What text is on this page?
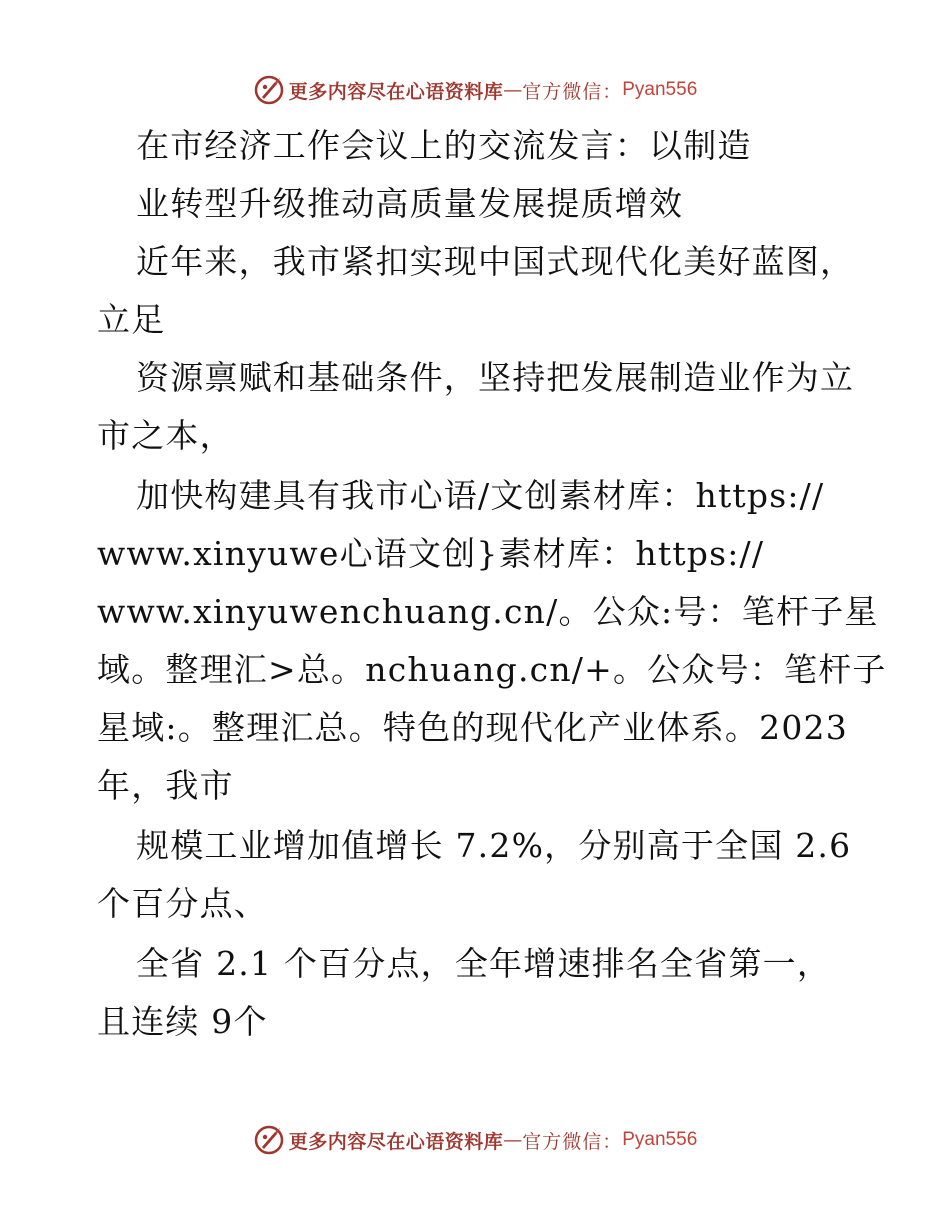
更多内容尽在心语资料库 — 官方微信： Pyan556
在市经济工作会议上的交流发言：以制造
业转型升级推动高质量发展提质增效
近年来，我市紧扣实现中国式现代化美好蓝图，
立足
资源禀赋和基础条件，坚持把发展制造业作为立
市之本，
加快构建具有我市心语/文创素材库：https://
www.xinyuwe心语文创}素材库：https://
www.xinyuwenchuang.cn/。公众:号：笔杆子星
域。整理汇>总。nchuang.cn/+。公众号：笔杆子
星域:。整理汇总。特色的现代化产业体系。2023
年，我市
规模工业增加值增长 7.2%，分别高于全国 2.6
个百分点、
全省 2.1 个百分点，全年增速排名全省第一，
且连续 9个
更多内容尽在心语资料库 — 官方微信： Pyan556
